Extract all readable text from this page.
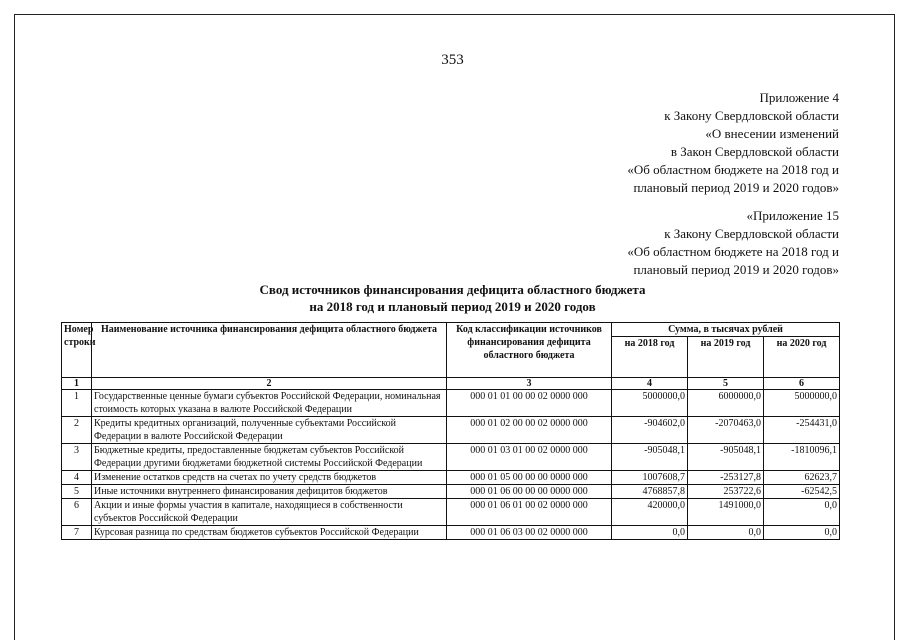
353
Приложение 4
к Закону Свердловской области
«О внесении изменений
в Закон Свердловской области
«Об областном бюджете на 2018 год и
плановый период 2019 и 2020 годов»
«Приложение 15
к Закону Свердловской области
«Об областном бюджете на 2018 год и
плановый период 2019 и 2020 годов»
Свод источников финансирования дефицита областного бюджета
на 2018 год и плановый период 2019 и 2020 годов
Номер строки	Наименование источника финансирования дефицита областного бюджета	Код классификации источников финансирования дефицита областного бюджета	Сумма, в тысячах рублей		
			на 2018 год	на 2019 год	на 2020 год
1	2	3	4	5	6
1	Государственные ценные бумаги субъектов Российской Федерации, номинальная стоимость которых указана в валюте Российской Федерации	000 01 01 00 00 02 0000 000	5000000,0	6000000,0	5000000,0
2	Кредиты кредитных организаций, полученные субъектами Российской Федерации в валюте Российской Федерации	000 01 02 00 00 02 0000 000	-904602,0	-2070463,0	-254431,0
3	Бюджетные кредиты, предоставленные бюджетам субъектов Российской Федерации другими бюджетами бюджетной системы Российской Федерации	000 01 03 01 00 02 0000 000	-905048,1	-905048,1	-1810096,1
4	Изменение остатков средств на счетах по учету средств бюджетов	000 01 05 00 00 00 0000 000	1007608,7	-253127,8	62623,7
5	Иные источники внутреннего финансирования дефицитов бюджетов	000 01 06 00 00 00 0000 000	4768857,8	253722,6	-62542,5
6	Акции и иные формы участия в капитале, находящиеся в собственности субъектов Российской Федерации	000 01 06 01 00 02 0000 000	420000,0	1491000,0	0,0
7	Курсовая разница по средствам бюджетов субъектов Российской Федерации	000 01 06 03 00 02 0000 000	0,0	0,0	0,0
